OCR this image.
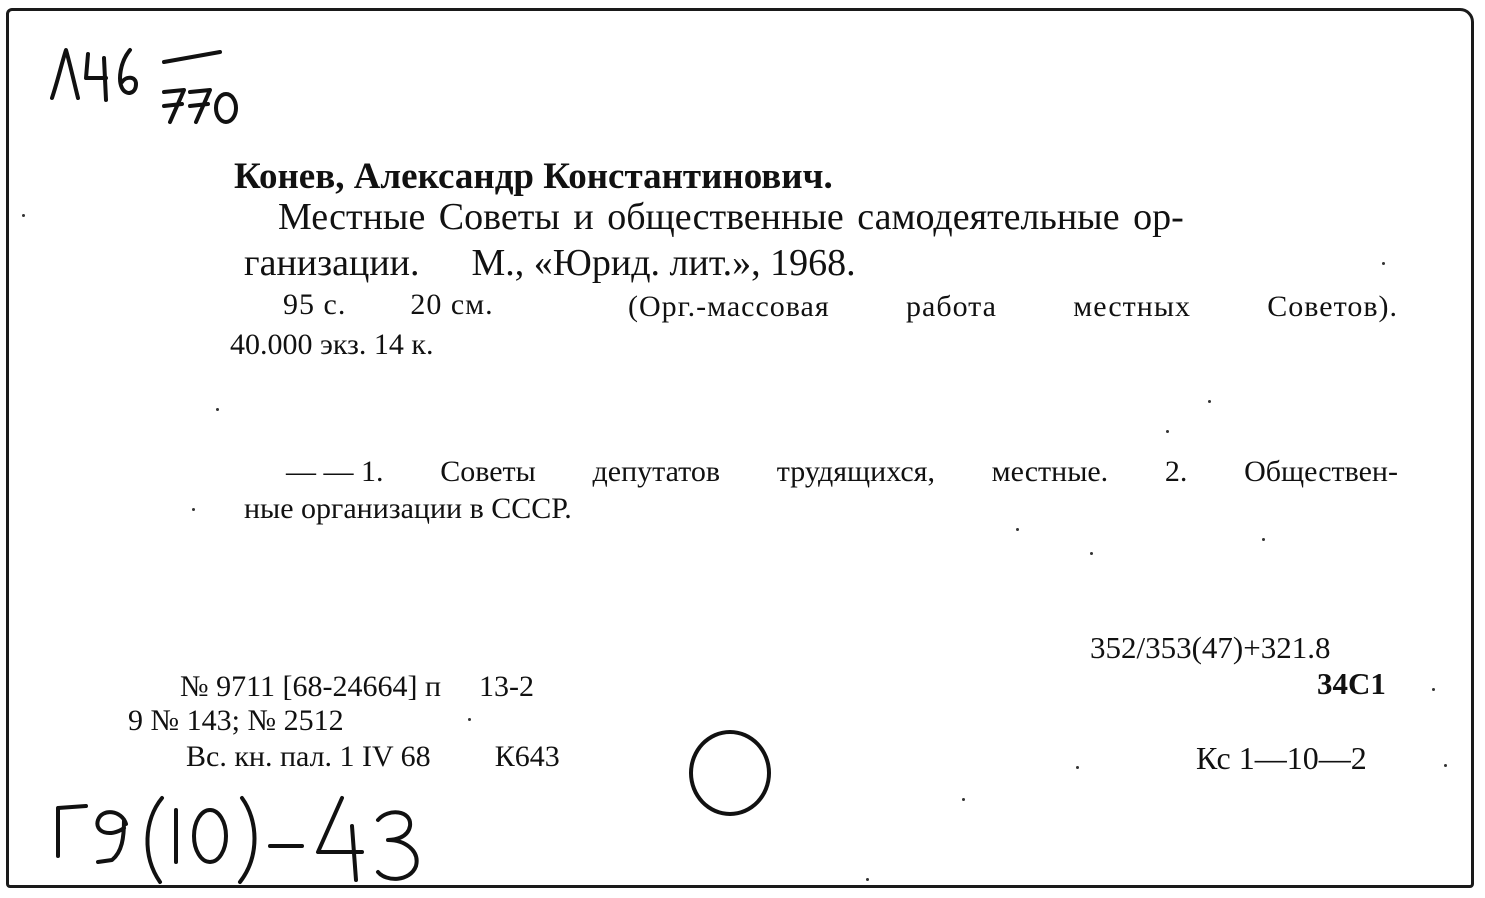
Л46 770
Конев, Александр Константинович.
Местные Советы и общественные самодеятельные ор-
ганизации. М., «Юрид. лит.», 1968.
95 с. 20 см.	(Орг.-массовая	работа	местных	Советов).
40.000 экз. 14 к.
— — 1. Советы депутатов трудящихся, местные. 2. Обществен-
ные организации в СССР.
352/353(47)+321.8
34С1
№ 9711 [68-24664] п 13-2
9 № 143; № 2512
Вс. кн. пал. 1 IV 68 К643	Кс 1—10—2
Г9(10)-43
